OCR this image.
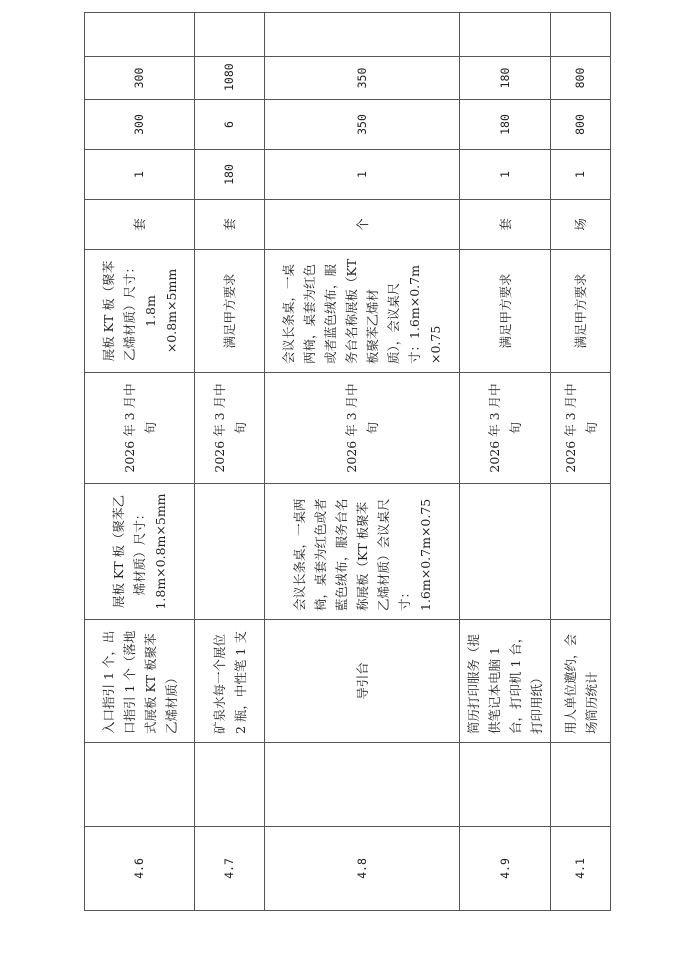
4.6		入口指引 1 个，出口指引 1 个（落地式展板 KT 板聚苯乙烯材质）	展板 KT 板（聚苯乙烯材质）尺寸：1.8m×0.8m×5mm	2026 年 3 月中旬	展板 KT 板（聚苯乙烯材质）尺寸：1.8m ×0.8m×5mm	套	1	300	300	
4.7		矿泉水每一个展位 2 瓶，中性笔 1 支		2026 年 3 月中旬	满足甲方要求	套	180	6	1080	
4.8		导引台	会议长条桌，一桌两椅，桌套为红色或者藍色绒布，服务台名称展板（KT 板聚苯乙烯材质）会议桌尺寸：1.6m×0.7m×0.75	2026 年 3 月中旬	会议长条桌，一桌两椅，桌套为红色或者蓝色绒布，服务台名称展板（KT 板聚苯乙烯材质），会议桌尺寸：1.6m×0.7m ×0.75	个	1	350	350	
4.9		简历打印服务（提供笔记本电脑 1 台，打印机 1 台，打印用纸）		2026 年 3 月中旬	满足甲方要求	套	1	180	180	
4.1		用人单位邀约，会场简历统计		2026 年 3 月中旬	满足甲方要求	场	1	800	800	
